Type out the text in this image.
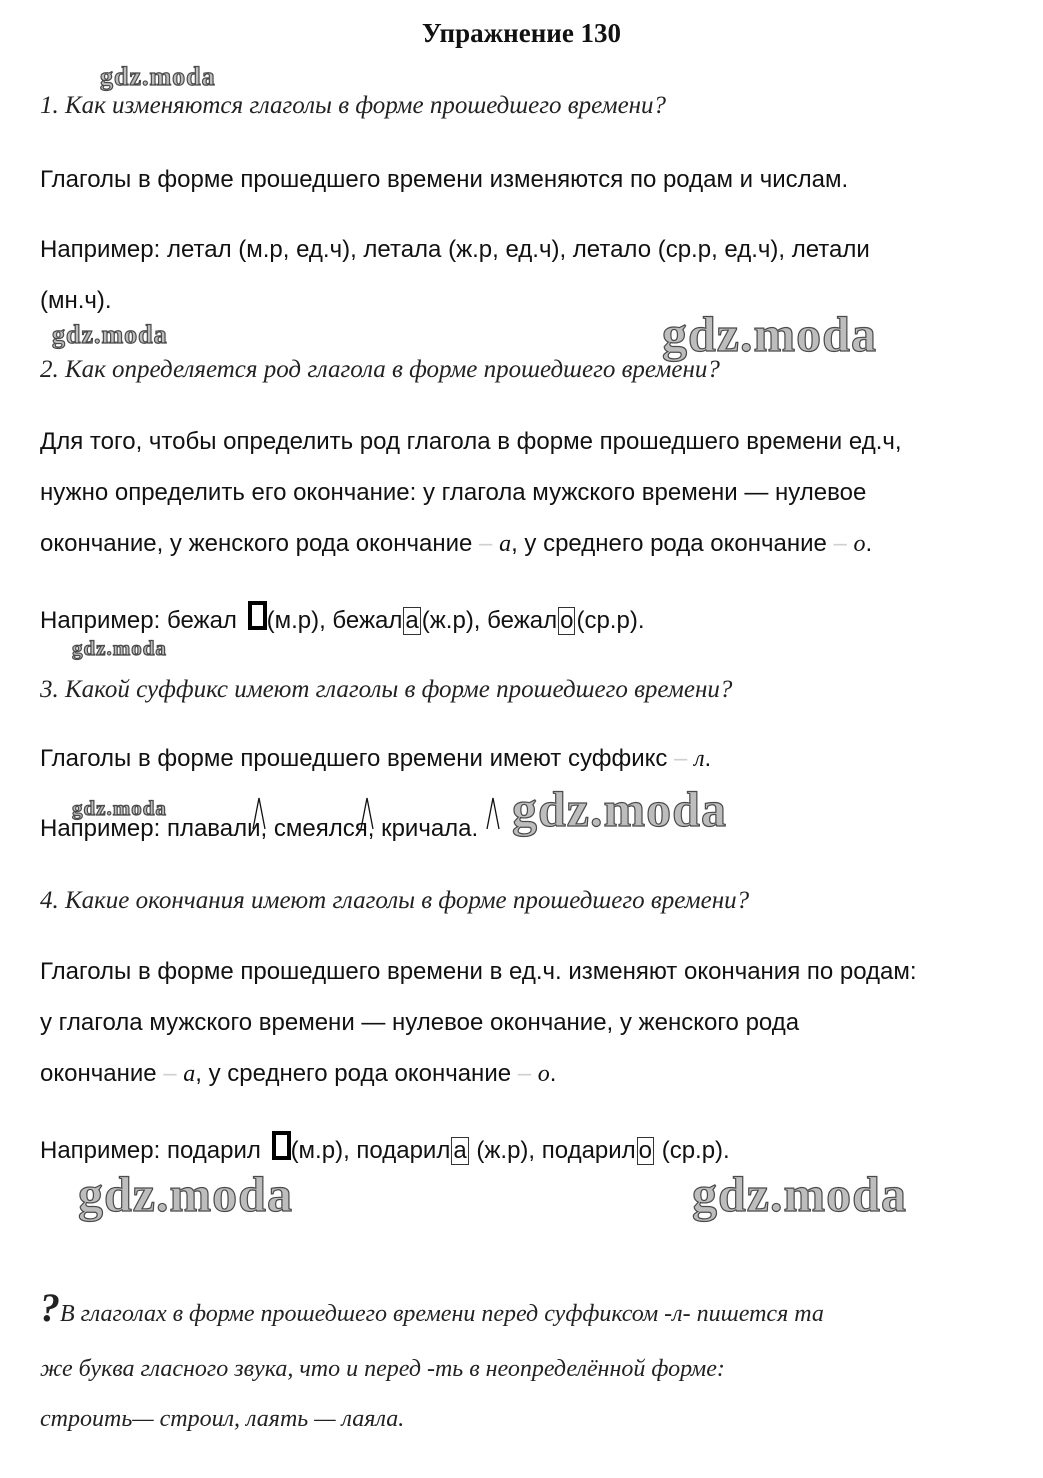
Упражнение 130
gdz.moda
gdz.moda	gdz.moda
gdz.moda
gdz.moda	gdz.moda
gdz.moda	gdz.moda
1. Как изменяются глаголы в форме прошедшего времени?
Глаголы в форме прошедшего времени изменяются по родам и числам.
Например: летал (м.р, ед.ч), летала (ж.р, ед.ч), летало (ср.р, ед.ч), летали
(мн.ч).
2. Как определяется род глагола в форме прошедшего времени?
Для того, чтобы определить род глагола в форме прошедшего времени ед.ч,
нужно определить его окончание: у глагола мужского времени — нулевое
окончание, у женского рода окончание – а, у среднего рода окончание – о.
Например: бежал (м.р), бежал а (ж.р), бежал о (ср.р).
3. Какой суффикс имеют глаголы в форме прошедшего времени?
Глаголы в форме прошедшего времени имеют суффикс – л.
Например: плавали, смеялся, кричала.
4. Какие окончания имеют глаголы в форме прошедшего времени?
Глаголы в форме прошедшего времени в ед.ч. изменяют окончания по родам:
у глагола мужского времени — нулевое окончание, у женского рода
окончание – а, у среднего рода окончание – о.
Например: подарил (м.р), подарил а (ж.р), подарил о (ср.р).
?В глаголах в форме прошедшего времени перед суффиксом -л- пишется та
же буква гласного звука, что и перед -ть в неопределённой форме:
строить— строил, лаять — лаяла.
